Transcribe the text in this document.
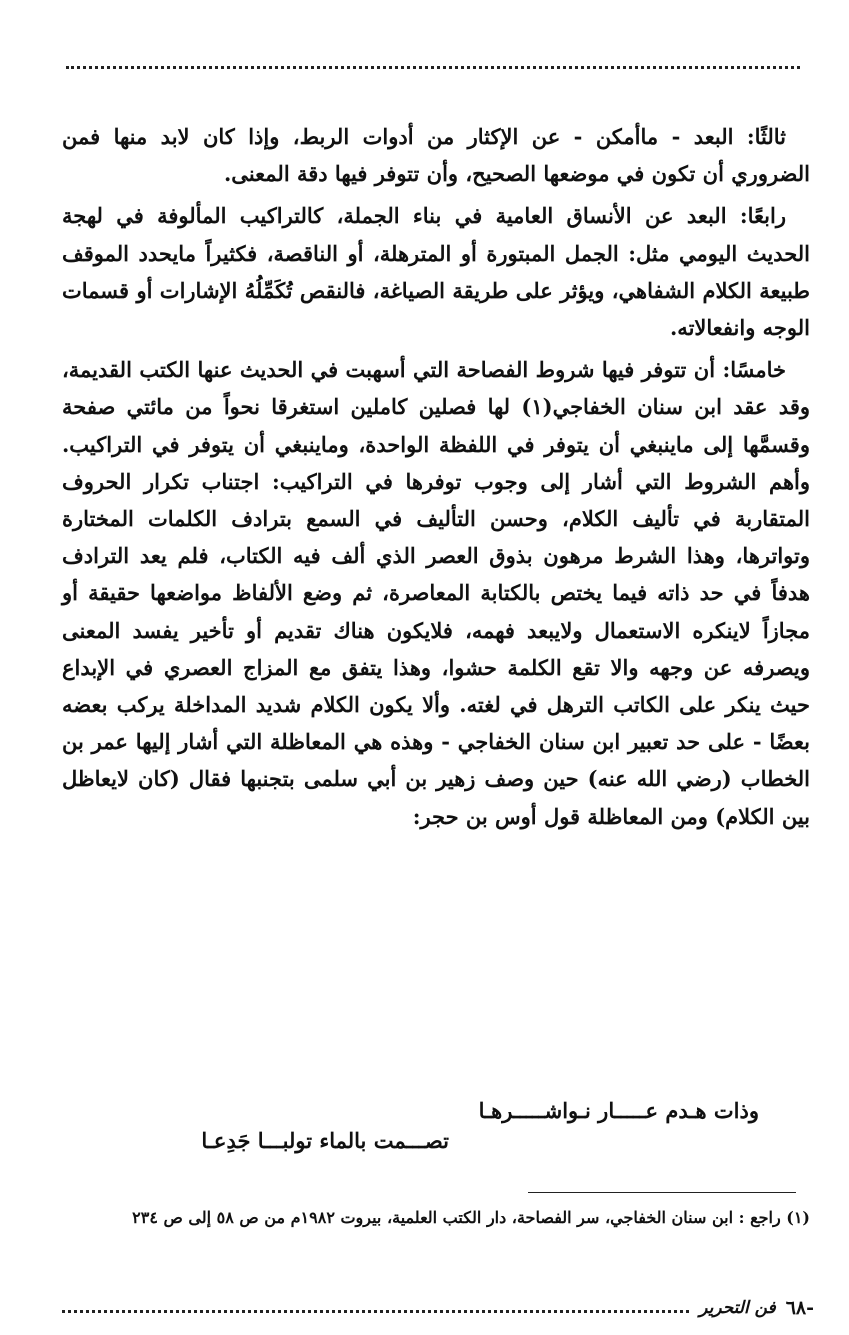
ثالثًا: البعد - ماأمكن - عن الإكثار من أدوات الربط، وإذا كان لابد منها فمن الضروري أن تكون في موضعها الصحيح، وأن تتوفر فيها دقة المعنى.

رابعًا: البعد عن الأنساق العامية في بناء الجملة، كالتراكيب المألوفة في لهجة الحديث اليومي مثل: الجمل المبتورة أو المترهلة، أو الناقصة، فكثيراً مايحدد الموقف طبيعة الكلام الشفاهي، ويؤثر على طريقة الصياغة، فالنقص تُكَمِّلُهُ الإشارات أو قسمات الوجه وانفعالاته.

خامسًا: أن تتوفر فيها شروط الفصاحة التي أسهبت في الحديث عنها الكتب القديمة، وقد عقد ابن سنان الخفاجي(١) لها فصلين كاملين استغرقا نحواً من مائتي صفحة وقسمَّها إلى ماينبغي أن يتوفر في اللفظة الواحدة، وماينبغي أن يتوفر في التراكيب. وأهم الشروط التي أشار إلى وجوب توفرها في التراكيب: اجتناب تكرار الحروف المتقاربة في تأليف الكلام، وحسن التأليف في السمع بترادف الكلمات المختارة وتواترها، وهذا الشرط مرهون بذوق العصر الذي ألف فيه الكتاب، فلم يعد الترادف هدفاً في حد ذاته فيما يختص بالكتابة المعاصرة، ثم وضع الألفاظ مواضعها حقيقة أو مجازاً لاينكره الاستعمال ولايبعد فهمه، فلايكون هناك تقديم أو تأخير يفسد المعنى ويصرفه عن وجهه والا تقع الكلمة حشوا، وهذا يتفق مع المزاج العصري في الإبداع حيث ينكر على الكاتب الترهل في لغته. وألا يكون الكلام شديد المداخلة يركب بعضه بعضًا - على حد تعبير ابن سنان الخفاجي - وهذه هي المعاظلة التي أشار إليها عمر بن الخطاب (رضي الله عنه) حين وصف زهير بن أبي سلمى بتجنبها فقال (كان لايعاظل بين الكلام) ومن المعاظلة قول أوس بن حجر:

وذات هـدم عـــــار نـواشـــــرهـا
تصـــمت بالماء تولبـــا جَدِعـا
(١) راجع : ابن سنان الخفاجي، سر الفصاحة، دار الكتب العلمية، بيروت ١٩٨٢م من ص ٥٨ إلى ص ٢٣٤
-٦٨
فن التحرير
